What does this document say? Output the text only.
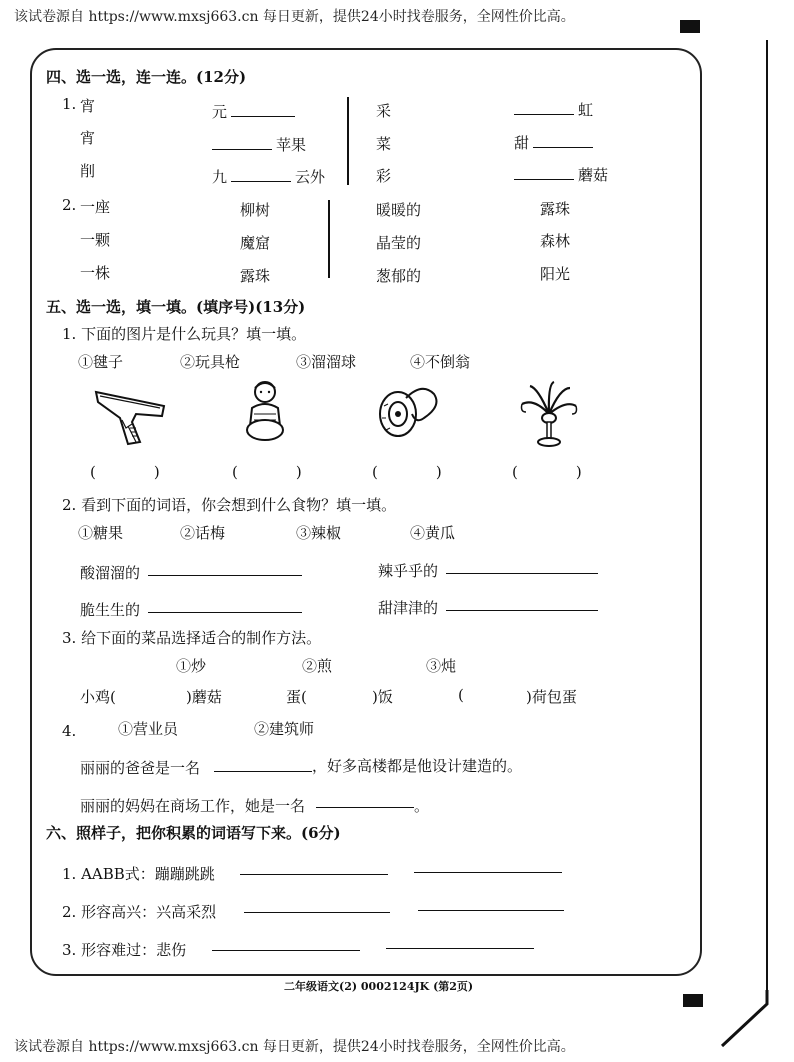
该试卷源自 https://www.mxsj663.cn 每日更新，提供24小时找卷服务，全网性价比高。
四、选一选，连一连。(12分)
1. 宵
宵
削
元
苹果
九	云外
采
菜
彩
虹
甜
蘑菇
2. 一座
一颗
一株
柳树
魔窟
露珠
暖暖的
晶莹的
葱郁的
露珠
森林
阳光
五、选一选，填一填。(填序号)(13分)
1. 下面的图片是什么玩具？填一填。
①毽子	②玩具枪	③溜溜球	④不倒翁
(	)	(	)	(	)	(	)
2. 看到下面的词语，你会想到什么食物？填一填。
①糖果	②话梅	③辣椒	④黄瓜
酸溜溜的	辣乎乎的
脆生生的	甜津津的
3. 给下面的菜品选择适合的制作方法。
①炒	②煎	③炖
小鸡(	)蘑菇	蛋(	)饭	(	)荷包蛋
4.	①营业员	②建筑师
丽丽的爸爸是一名	，好多高楼都是他设计建造的。
丽丽的妈妈在商场工作，她是一名	。
六、照样子，把你积累的词语写下来。(6分)
1. AABB式：蹦蹦跳跳
2. 形容高兴：兴高采烈
3. 形容难过：悲伤
二年级语文(2) 0002124JK (第2页)
该试卷源自 https://www.mxsj663.cn 每日更新，提供24小时找卷服务，全网性价比高。
